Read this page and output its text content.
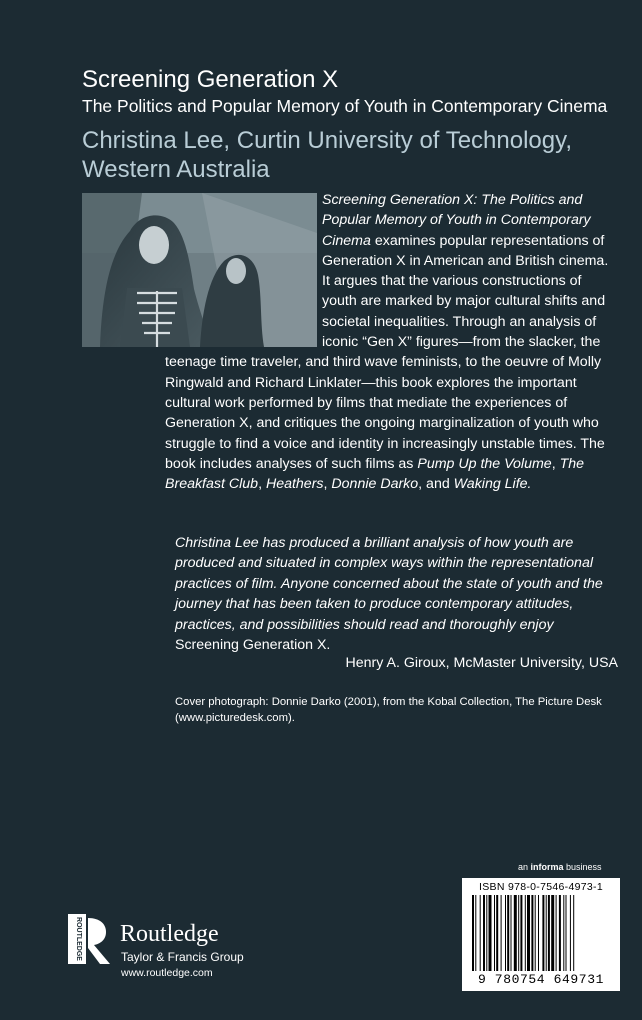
Screening Generation X
The Politics and Popular Memory of Youth in Contemporary Cinema
Christina Lee, Curtin University of Technology,
Western Australia

Screening Generation X: The Politics and Popular Memory of Youth in Contemporary Cinema examines popular representations of Generation X in American and British cinema. It argues that the various constructions of youth are marked by major cultural shifts and societal inequalities. Through an analysis of iconic “Gen X” figures—from the slacker, the teenage time traveler, and third wave feminists, to the oeuvre of Molly Ringwald and Richard Linklater—this book explores the important cultural work performed by films that mediate the experiences of Generation X, and critiques the ongoing marginalization of youth who struggle to find a voice and identity in increasingly unstable times. The book includes analyses of such films as Pump Up the Volume, The Breakfast Club, Heathers, Donnie Darko, and Waking Life.

Christina Lee has produced a brilliant analysis of how youth are produced and situated in complex ways within the representational practices of film. Anyone concerned about the state of youth and the journey that has been taken to produce contemporary attitudes, practices, and possibilities should read and thoroughly enjoy Screening Generation X.
Henry A. Giroux, McMaster University, USA
Cover photograph: Donnie Darko (2001), from the Kobal Collection, The Picture Desk (www.picturedesk.com).
an informa business
ISBN 978-0-7546-4973-1
9 780754 649731
ROUTLEDGE Routledge
Taylor & Francis Group
www.routledge.com
